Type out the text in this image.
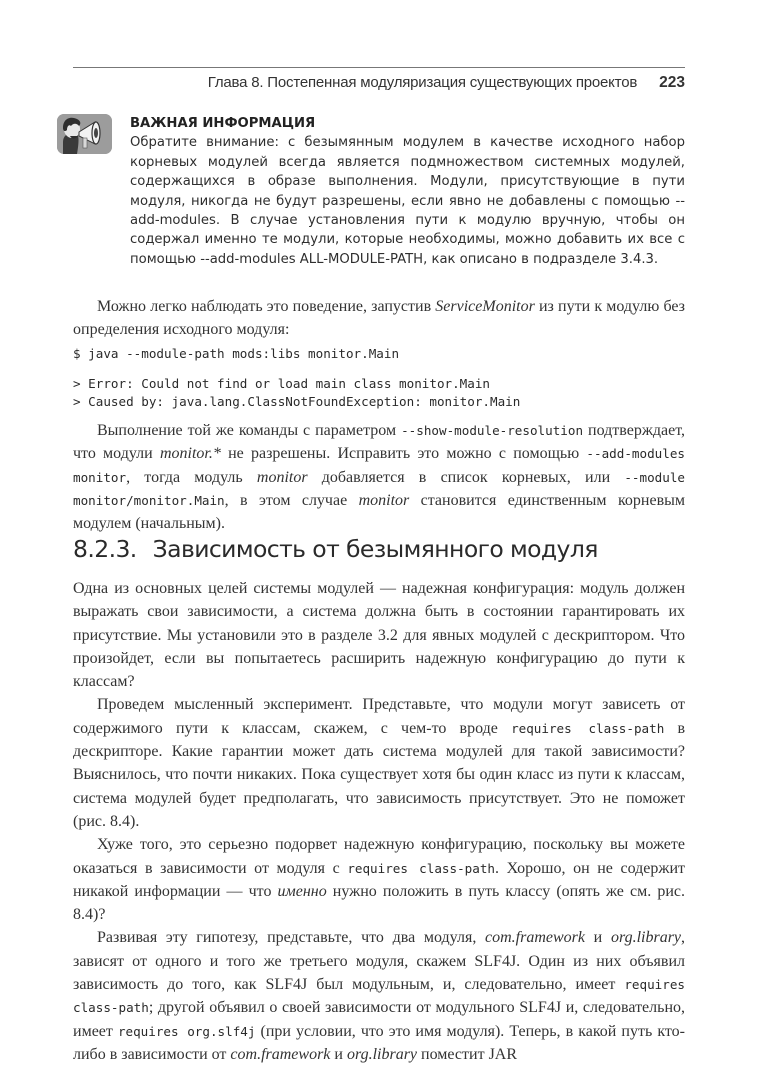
Глава 8. Постепенная модуляризация существующих проектов 223
ВАЖНАЯ ИНФОРМАЦИЯ
Обратите внимание: с безымянным модулем в качестве исходного набор корневых модулей всегда является подмножеством системных модулей, содержащихся в образе выполнения. Модули, присутствующие в пути модуля, никогда не будут разрешены, если явно не добавлены с помощью --add-modules. В случае установления пути к модулю вручную, чтобы он содержал именно те модули, которые необходимы, можно добавить их все с помощью --add-modules ALL-MODULE-PATH, как описано в подразделе 3.4.3.
Можно легко наблюдать это поведение, запустив ServiceMonitor из пути к модулю без определения исходного модуля:
$ java --module-path mods:libs monitor.Main
> Error: Could not find or load main class monitor.Main
> Caused by: java.lang.ClassNotFoundException: monitor.Main
Выполнение той же команды с параметром --show-module-resolution подтверждает, что модули monitor.* не разрешены. Исправить это можно с помощью --add-modules monitor, тогда модуль monitor добавляется в список корневых, или --module monitor/monitor.Main, в этом случае monitor становится единственным корневым модулем (начальным).
8.2.3. Зависимость от безымянного модуля
Одна из основных целей системы модулей — надежная конфигурация: модуль должен выражать свои зависимости, а система должна быть в состоянии гарантировать их присутствие. Мы установили это в разделе 3.2 для явных модулей с дескриптором. Что произойдет, если вы попытаетесь расширить надежную конфигурацию до пути к классам?
Проведем мысленный эксперимент. Представьте, что модули могут зависеть от содержимого пути к классам, скажем, с чем-то вроде requires class-path в дескрипторе. Какие гарантии может дать система модулей для такой зависимости? Выяснилось, что почти никаких. Пока существует хотя бы один класс из пути к классам, система модулей будет предполагать, что зависимость присутствует. Это не поможет (рис. 8.4).
Хуже того, это серьезно подорвет надежную конфигурацию, поскольку вы можете оказаться в зависимости от модуля с requires class-path. Хорошо, он не содержит никакой информации — что именно нужно положить в путь классу (опять же см. рис. 8.4)?
Развивая эту гипотезу, представьте, что два модуля, com.framework и org.library, зависят от одного и того же третьего модуля, скажем SLF4J. Один из них объявил зависимость до того, как SLF4J был модульным, и, следовательно, имеет requires class-path; другой объявил о своей зависимости от модульного SLF4J и, следовательно, имеет requires org.slf4j (при условии, что это имя модуля). Теперь, в какой путь кто-либо в зависимости от com.framework и org.library поместит JAR
